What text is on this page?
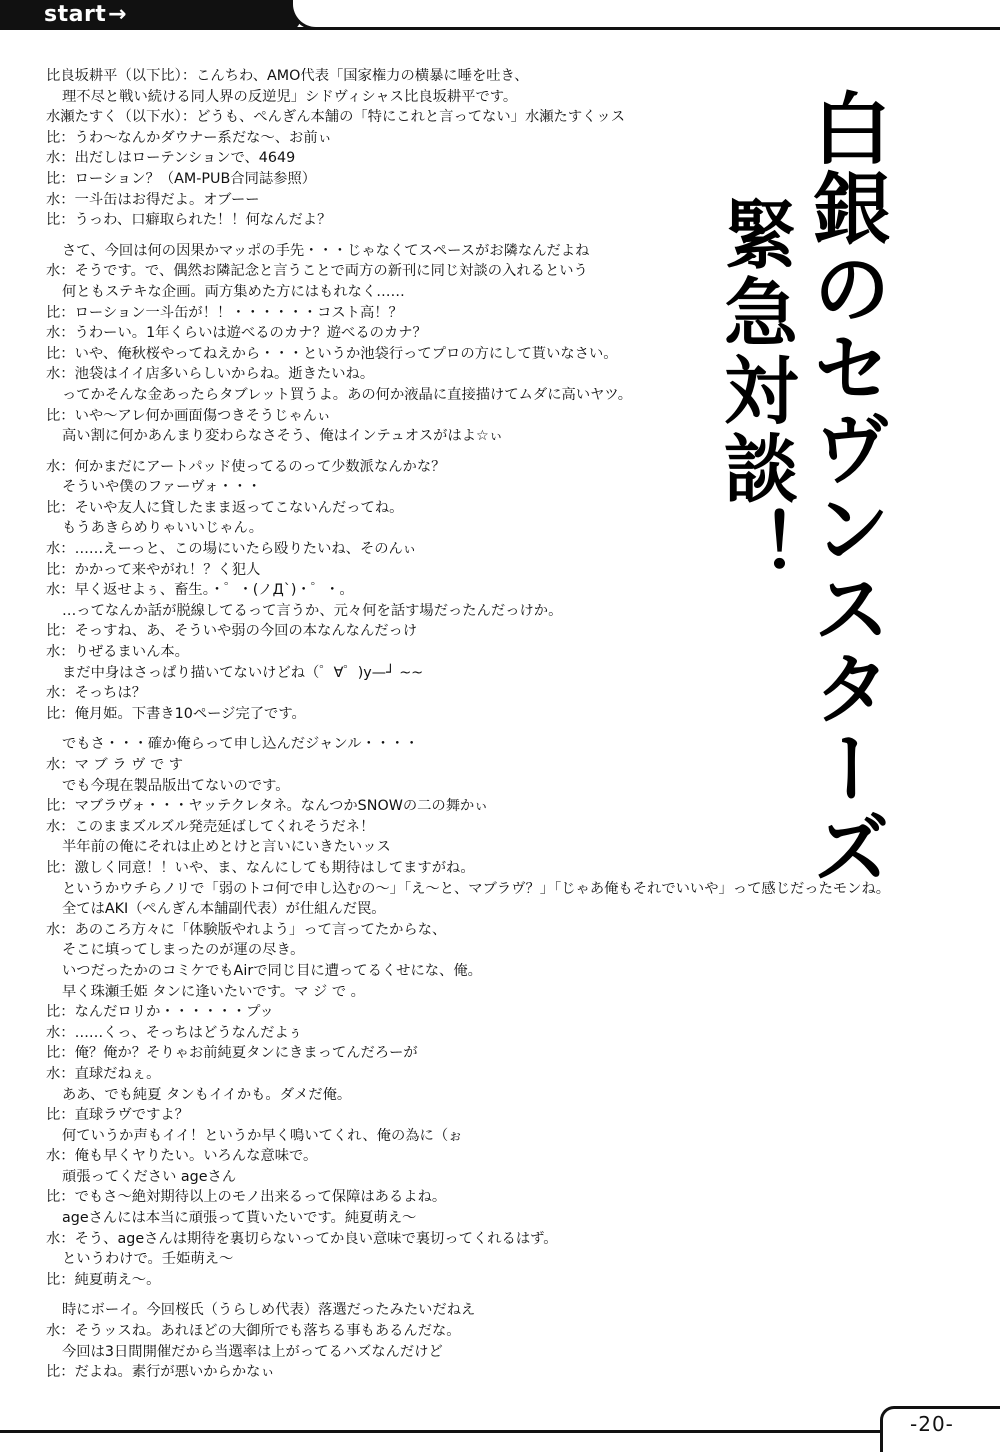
start →
白銀のセヴンスターズ
緊急対談！
比良坂耕平（以下比）：こんちわ、AMO代表「国家権力の横暴に唾を吐き、
理不尽と戦い続ける同人界の反逆児」シドヴィシャス比良坂耕平です。
水瀬たすく（以下水）：どうも、ぺんぎん本舗の「特にこれと言ってない」水瀬たすくッス
比：うわ～なんかダウナー系だな～、お前ぃ
水：出だしはローテンションで、4649
比：ローション？（AM-PUB合同誌参照）
水：一斗缶はお得だよ。オブーー
比：うっわ、口癖取られた！！何なんだよ？
さて、今回は何の因果かマッポの手先・・・じゃなくてスペースがお隣なんだよね
水：そうです。で、偶然お隣記念と言うことで両方の新刊に同じ対談の入れるという
何ともステキな企画。両方集めた方にはもれなく……
比：ローション一斗缶が！！・・・・・・コスト高！？
水：うわーい。1年くらいは遊べるのカナ？遊べるのカナ？
比：いや、俺秋桜やってねえから・・・というか池袋行ってプロの方にして貰いなさい。
水：池袋はイイ店多いらしいからね。逝きたいね。
ってかそんな金あったらタブレット買うよ。あの何か液晶に直接描けてムダに高いヤツ。
比：いや～アレ何か画面傷つきそうじゃんぃ
高い割に何かあんまり変わらなさそう、俺はインテュオスがはよ☆ぃ
水：何かまだにアートパッド使ってるのって少数派なんかな？
そういや僕のファーヴォ・・・
比：そいや友人に貸したまま返ってこないんだってね。
もうあきらめりゃいいじゃん。
水：……えーっと、この場にいたら殴りたいね、そのんぃ
比：かかって来やがれ！？く犯人
水：早く返せよぅ、畜生。・゜・(ノД`)・゜・。
…ってなんか話が脱線してるって言うか、元々何を話す場だったんだっけか。
比：そっすね、あ、そういや弱の今回の本なんなんだっけ
水：りぜるまいん本。
まだ中身はさっぱり描いてないけどね（゜∀゜)y—┘ ~~
水：そっちは？
比：俺月姫。下書き10ページ完了です。
でもさ・・・確か俺らって申し込んだジャンル・・・・
水：マ ブ ラ ヴ で す
でも今現在製品版出てないのです。
比：マブラヴォ・・・ヤッテクレタネ。なんつかSNOWの二の舞かぃ
水：このままズルズル発売延ばしてくれそうだネ！
半年前の俺にそれは止めとけと言いにいきたいッス
比：激しく同意！！いや、ま、なんにしても期待はしてますがね。
というかウチらノリで「弱のトコ何で申し込むの～」「え～と、マブラヴ？」「じゃあ俺もそれでいいや」って感じだったモンね。
全てはAKI（ぺんぎん本舗副代表）が仕組んだ罠。
水：あのころ方々に「体験版やれよう」って言ってたからな、
そこに填ってしまったのが運の尽き。
いつだったかのコミケでもAirで同じ目に遭ってるくせにな、俺。
早く珠瀬壬姫 タンに逢いたいです。マ ジ で 。
比：なんだロリか・・・・・・プッ
水：……くっ、そっちはどうなんだよぅ
比：俺？俺か？そりゃお前純夏タンにきまってんだろーが
水：直球だねぇ。
ああ、でも純夏 タンもイイかも。ダメだ俺。
比：直球ラヴですよ？
何ていうか声もイイ！というか早く鳴いてくれ、俺の為に（ぉ
水：俺も早くヤりたい。いろんな意味で。
頑張ってください ageさん
比：でもさ～絶対期待以上のモノ出来るって保障はあるよね。
ageさんには本当に頑張って貰いたいです。純夏萌え～
水：そう、ageさんは期待を裏切らないってか良い意味で裏切ってくれるはず。
というわけで。壬姫萌え～
比：純夏萌え～。
時にボーイ。今回桜氏（うらしめ代表）落選だったみたいだねえ
水：そうッスね。あれほどの大御所でも落ちる事もあるんだな。
今回は3日間開催だから当選率は上がってるハズなんだけど
比：だよね。素行が悪いからかなぃ
-20-
